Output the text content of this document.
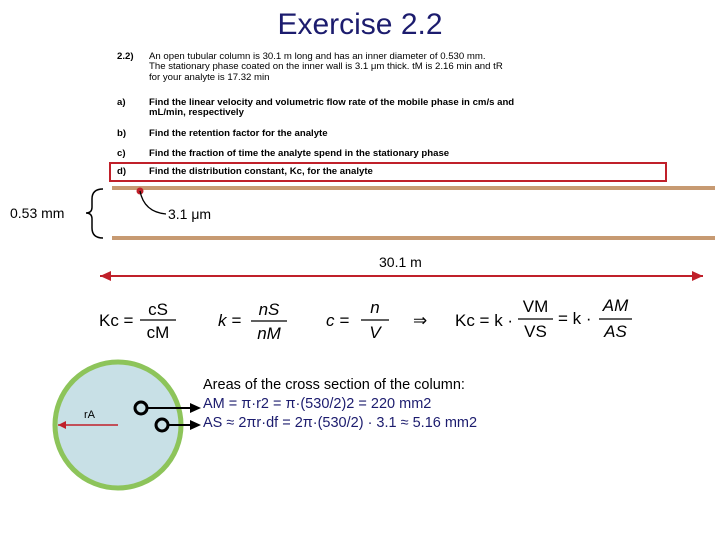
Exercise 2.2
2.2) An open tubular column is 30.1 m long and has an inner diameter of 0.530 mm.
The stationary phase coated on the inner wall is 3.1 μm thick. tM is 2.16 min and tR
for your analyte is 17.32 min
a) Find the linear velocity and volumetric flow rate of the mobile phase in cm/s and
mL/min, respectively
b) Find the retention factor for the analyte
c) Find the fraction of time the analyte spend in the stationary phase
d) Find the distribution constant, Kc, for the analyte
0.53 mm	3.1 μm
30.1 m
rA
Kc =
cS
cM
k =
nS
nM
c =
n
V
⇒ Kc = k ·
VM
VS
= k ·
AM
AS
Areas of the cross section of the column:
AM = π·r2 = π·(530/2)2 = 220 mm2
AS ≈ 2πr·df = 2π·(530/2) · 3.1 ≈ 5.16 mm2
